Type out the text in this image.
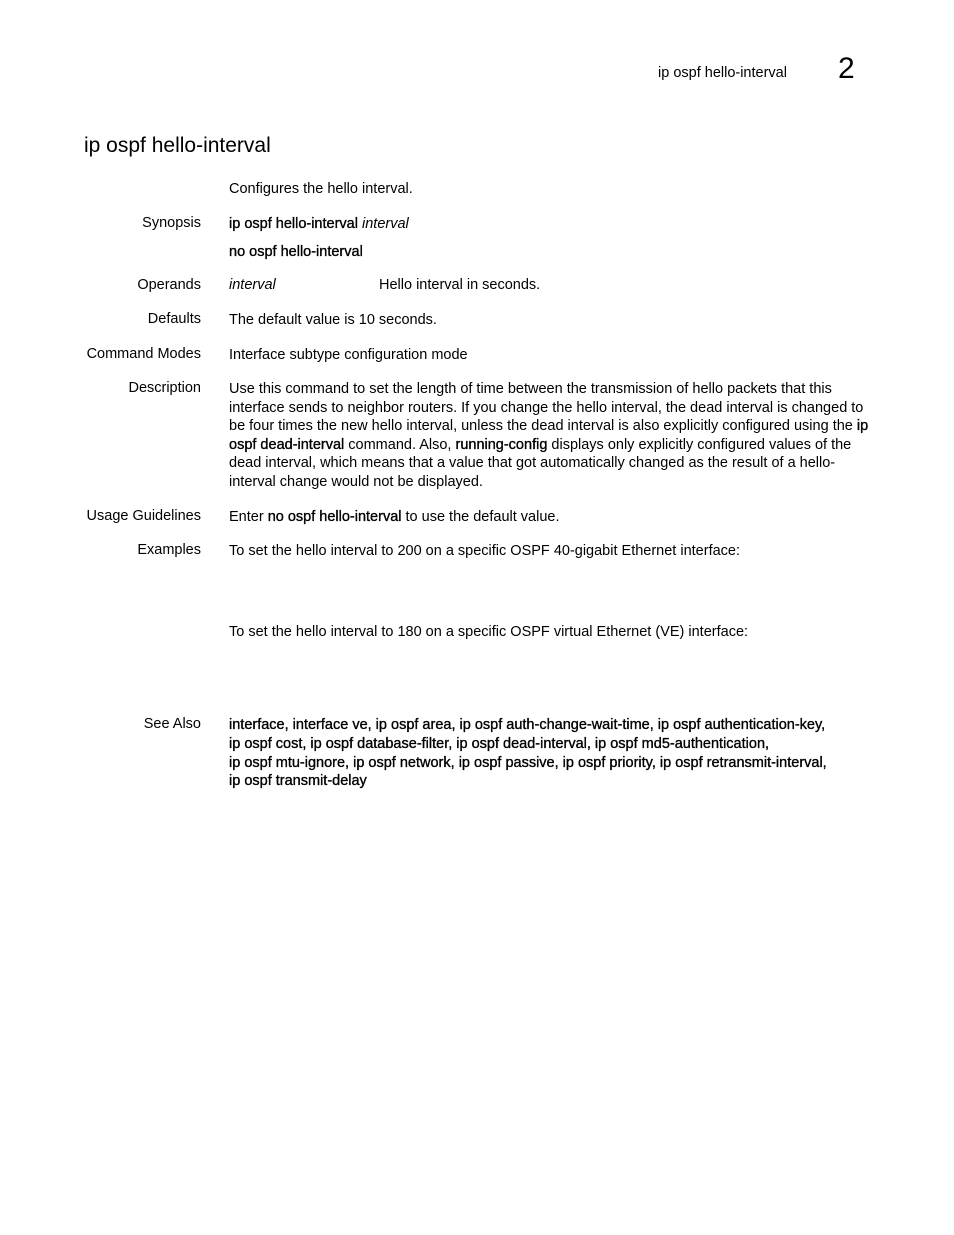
ip ospf hello-interval 2
ip ospf hello-interval
Configures the hello interval.
Synopsis ip ospf hello-interval interval
no ospf hello-interval
Operands interval	Hello interval in seconds.
Defaults The default value is 10 seconds.
Command Modes Interface subtype configuration mode
Description Use this command to set the length of time between the transmission of hello packets that this interface sends to neighbor routers. If you change the hello interval, the dead interval is changed to be four times the new hello interval, unless the dead interval is also explicitly configured using the ip ospf dead-interval command. Also, running-config displays only explicitly configured values of the dead interval, which means that a value that got automatically changed as the result of a hello-interval change would not be displayed.
Usage Guidelines Enter no ospf hello-interval to use the default value.
Examples To set the hello interval to 200 on a specific OSPF 40-gigabit Ethernet interface:
To set the hello interval to 180 on a specific OSPF virtual Ethernet (VE) interface:
See Also interface, interface ve, ip ospf area, ip ospf auth-change-wait-time, ip ospf authentication-key,
ip ospf cost, ip ospf database-filter, ip ospf dead-interval, ip ospf md5-authentication,
ip ospf mtu-ignore, ip ospf network, ip ospf passive, ip ospf priority, ip ospf retransmit-interval,
ip ospf transmit-delay
